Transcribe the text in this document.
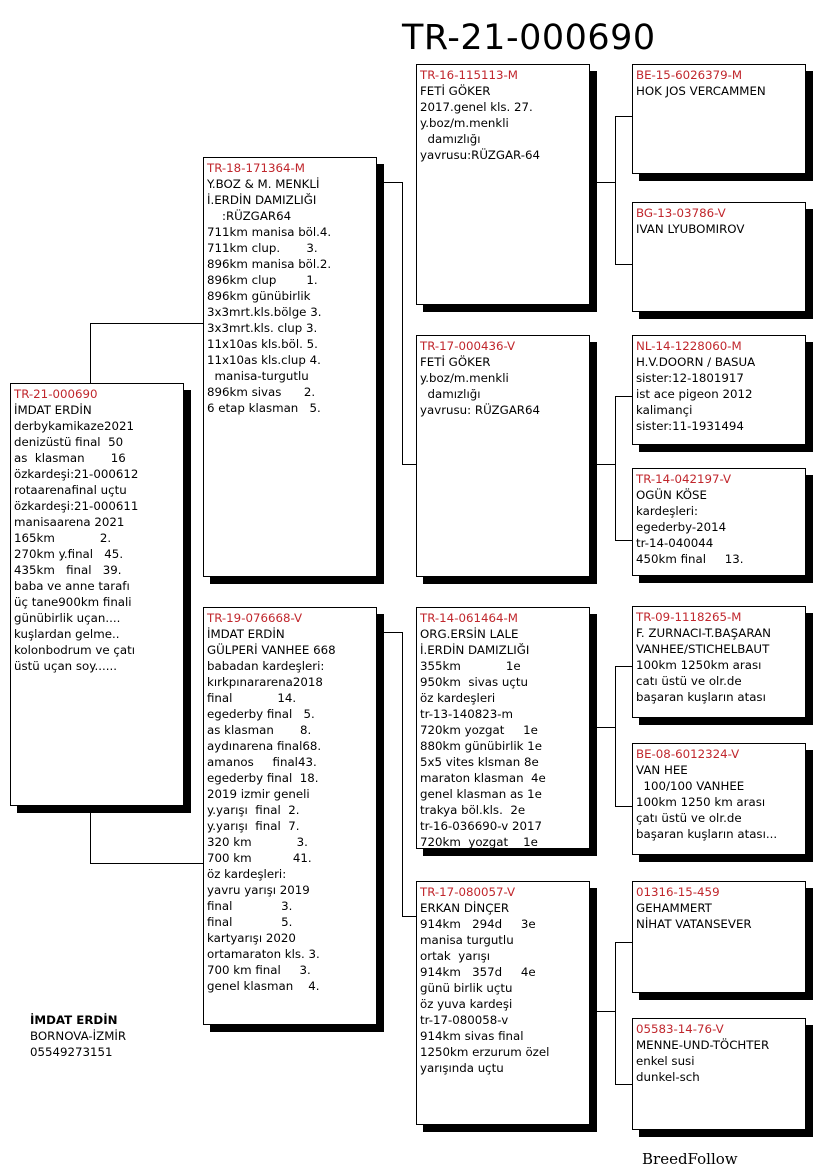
TR-21-000690
TR-21-000690
İMDAT ERDİN
derbykamikaze2021
denizüstü final  50
as  klasman       16
özkardeşi:21-000612
rotaarenafinal uçtu
özkardeşi:21-000611
manisaarena 2021
165km            2.
270km y.final   45.
435km   final   39.
baba ve anne tarafı
üç tane900km finali
günübirlik uçan....
kuşlardan gelme..
kolonbodrum ve çatı
üstü uçan soy......
TR-18-171364-M
Y.BOZ & M. MENKLİ
İ.ERDİN DAMIZLIĞI
:RÜZGAR64
711km manisa böl.4.
711km clup.       3.
896km manisa böl.2.
896km clup        1.
896km günübirlik
3x3mrt.kls.bölge 3.
3x3mrt.kls. clup 3.
11x10as kls.böl. 5.
11x10as kls.clup 4.
manisa-turgutlu
896km sivas      2.
6 etap klasman   5.
TR-19-076668-V
İMDAT ERDİN
GÜLPERİ VANHEE 668
babadan kardeşleri:
kırkpınararena2018
final            14.
egederby final   5.
as klasman       8.
aydınarena final68.
amanos     final43.
egederby final  18.
2019 izmir geneli
y.yarışı  final  2.
y.yarışı  final  7.
320 km            3.
700 km           41.
öz kardeşleri:
yavru yarışı 2019
final             3.
final             5.
kartyarışı 2020
ortamaraton kls. 3.
700 km final     3.
genel klasman    4.
TR-16-115113-M
FETİ GÖKER
2017.genel kls. 27.
y.boz/m.menkli
damızlığı
yavrusu:RÜZGAR-64
TR-17-000436-V
FETİ GÖKER
y.boz/m.menkli
damızlığı
yavrusu: RÜZGAR64
TR-14-061464-M
ORG.ERSİN LALE
İ.ERDİN DAMIZLIĞI
355km            1e
950km  sivas uçtu
öz kardeşleri
tr-13-140823-m
720km yozgat     1e
880km günübirlik 1e
5x5 vites klsman 8e
maraton klasman  4e
genel klasman as 1e
trakya böl.kls.  2e
tr-16-036690-v 2017
720km  yozgat    1e
TR-17-080057-V
ERKAN DİNÇER
914km   294d     3e
manisa turgutlu
ortak  yarışı
914km   357d     4e
günü birlik uçtu
öz yuva kardeşi
tr-17-080058-v
914km sivas final
1250km erzurum özel
yarışında uçtu
BE-15-6026379-M
HOK JOS VERCAMMEN
BG-13-03786-V
IVAN LYUBOMIROV
NL-14-1228060-M
H.V.DOORN / BASUA
sister:12-1801917
ist ace pigeon 2012
kalimançi
sister:11-1931494
TR-14-042197-V
OGÜN KÖSE
kardeşleri:
egederby-2014
tr-14-040044
450km final     13.
TR-09-1118265-M
F. ZURNACI-T.BAŞARAN
VANHEE/STICHELBAUT
100km 1250km arası
catı üstü ve olr.de
başaran kuşların atası
BE-08-6012324-V
VAN HEE
100/100 VANHEE
100km 1250 km arası
çatı üstü ve olr.de
başaran kuşların atası...
01316-15-459
GEHAMMERT
NİHAT VATANSEVER
05583-14-76-V
MENNE-UND-TÖCHTER
enkel susi
dunkel-sch
İMDAT ERDİN
BORNOVA-İZMİR
05549273151
BreedFollow
